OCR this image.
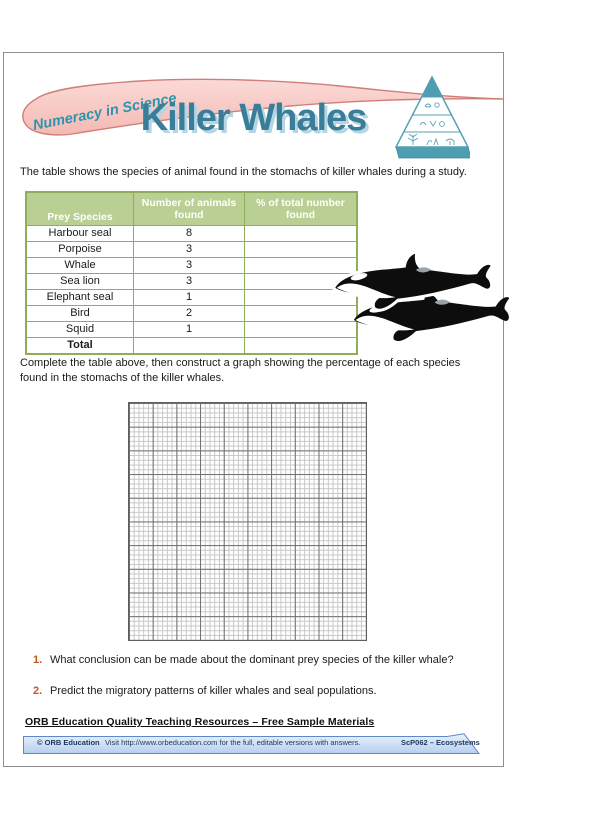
Numeracy in Science
Killer Whales
The table shows the species of animal found in the stomachs of killer whales during a study.
Prey Species	Number of animals found	% of total number found
Harbour seal	8	
Porpoise	3	
Whale	3	
Sea lion	3	
Elephant seal	1	
Bird	2	
Squid	1	
Total		
Complete the table above, then construct a graph showing the percentage of each species found in the stomachs of the killer whales.
1. What conclusion can be made about the dominant prey species of the killer whale?
2. Predict the migratory patterns of killer whales and seal populations.
ORB Education Quality Teaching Resources – Free Sample Materials
© ORB Education Visit http://www.orbeducation.com for the full, editable versions with answers.	ScP062 – Ecosystems
